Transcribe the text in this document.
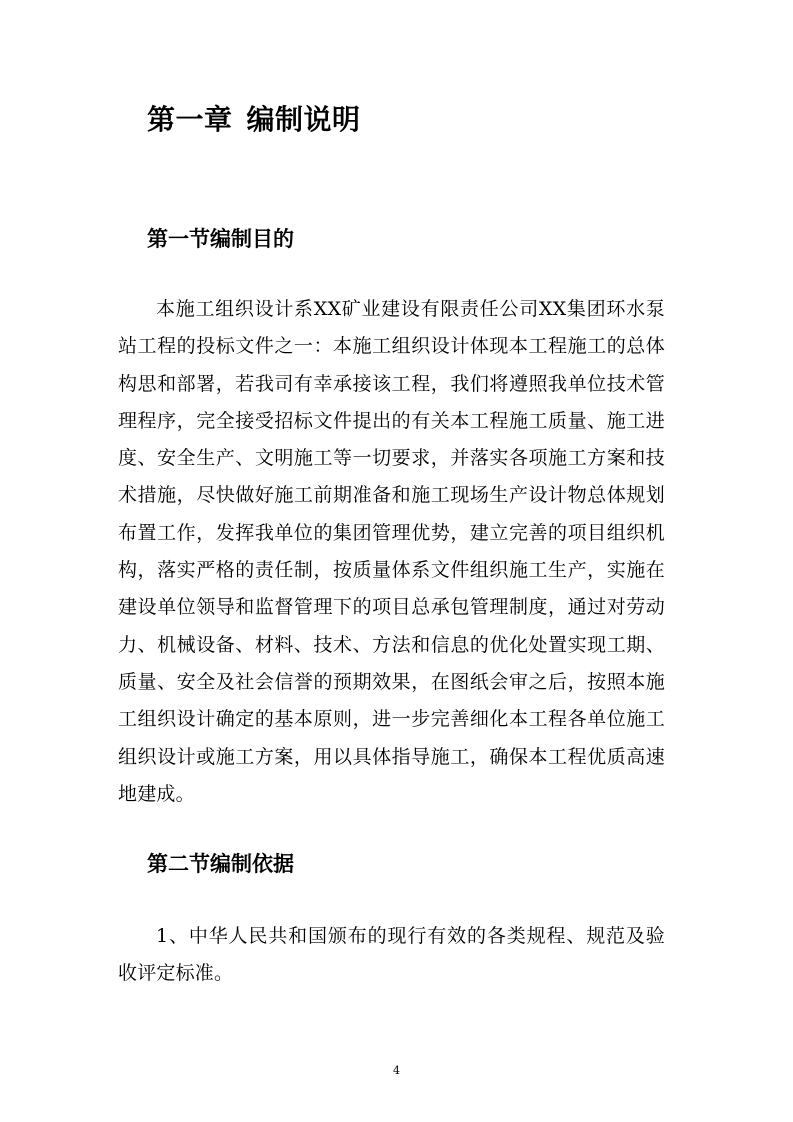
第一章 编制说明
第一节编制目的

本施工组织设计系XX矿业建设有限责任公司XX集团环水泵站工程的投标文件之一：本施工组织设计体现本工程施工的总体构思和部署，若我司有幸承接该工程，我们将遵照我单位技术管理程序，完全接受招标文件提出的有关本工程施工质量、施工进度、安全生产、文明施工等一切要求，并落实各项施工方案和技术措施，尽快做好施工前期准备和施工现场生产设计物总体规划布置工作，发挥我单位的集团管理优势，建立完善的项目组织机构，落实严格的责任制，按质量体系文件组织施工生产，实施在建设单位领导和监督管理下的项目总承包管理制度，通过对劳动力、机械设备、材料、技术、方法和信息的优化处置实现工期、质量、安全及社会信誉的预期效果，在图纸会审之后，按照本施工组织设计确定的基本原则，进一步完善细化本工程各单位施工组织设计或施工方案，用以具体指导施工，确保本工程优质高速地建成。

第二节编制依据

1、中华人民共和国颁布的现行有效的各类规程、规范及验收评定标准。

4
